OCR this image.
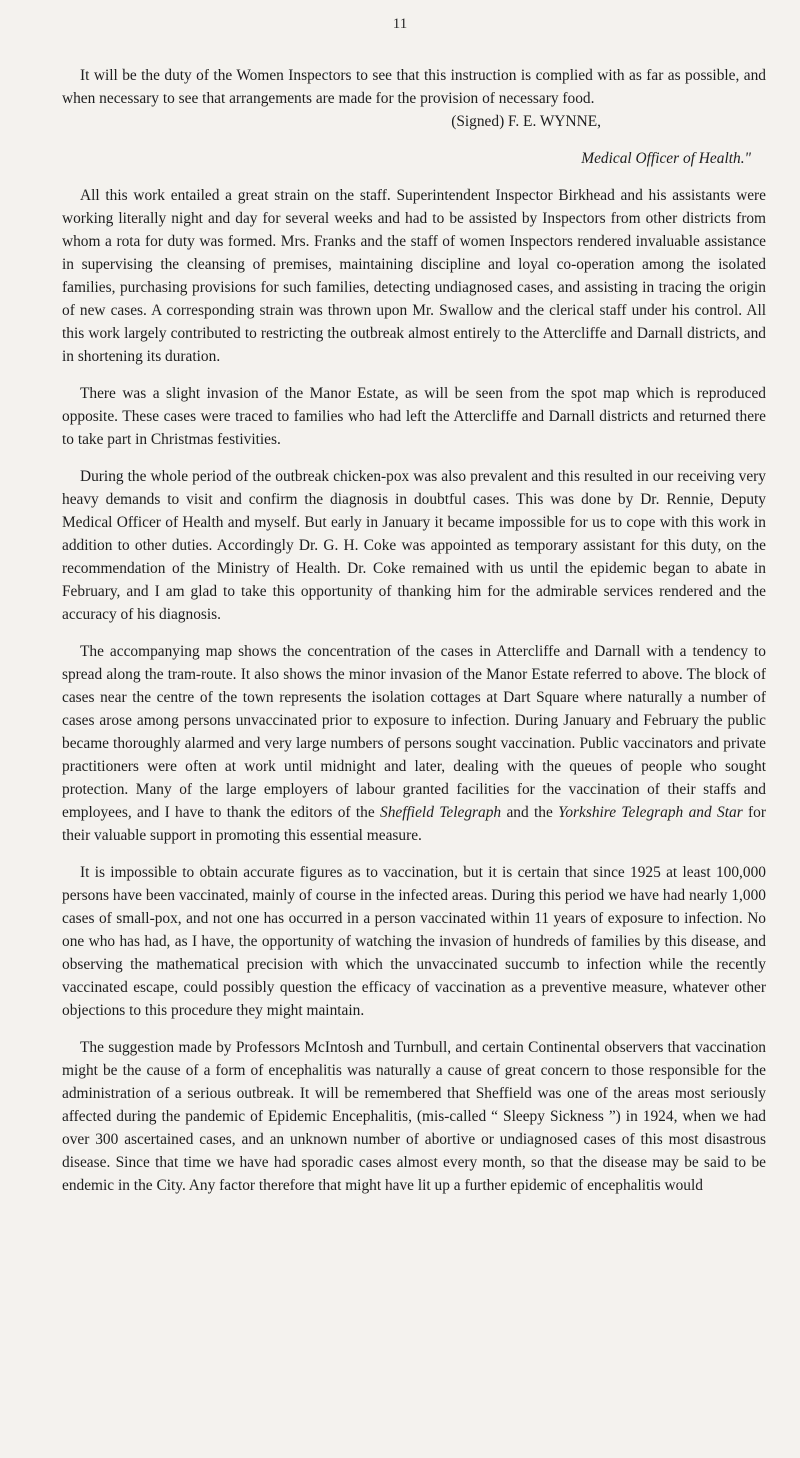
11

It will be the duty of the Women Inspectors to see that this instruction is complied with as far as possible, and when necessary to see that arrangements are made for the provision of necessary food.

(Signed) F. E. WYNNE,

Medical Officer of Health."

All this work entailed a great strain on the staff. Superintendent Inspector Birkhead and his assistants were working literally night and day for several weeks and had to be assisted by Inspectors from other districts from whom a rota for duty was formed. Mrs. Franks and the staff of women Inspectors rendered invaluable assistance in supervising the cleansing of premises, maintaining discipline and loyal co-operation among the isolated families, purchasing provisions for such families, detecting undiagnosed cases, and assisting in tracing the origin of new cases. A corresponding strain was thrown upon Mr. Swallow and the clerical staff under his control. All this work largely contributed to restricting the outbreak almost entirely to the Attercliffe and Darnall districts, and in shortening its duration.

There was a slight invasion of the Manor Estate, as will be seen from the spot map which is reproduced opposite. These cases were traced to families who had left the Attercliffe and Darnall districts and returned there to take part in Christmas festivities.

During the whole period of the outbreak chicken-pox was also prevalent and this resulted in our receiving very heavy demands to visit and confirm the diagnosis in doubtful cases. This was done by Dr. Rennie, Deputy Medical Officer of Health and myself. But early in January it became impossible for us to cope with this work in addition to other duties. Accordingly Dr. G. H. Coke was appointed as temporary assistant for this duty, on the recommendation of the Ministry of Health. Dr. Coke remained with us until the epidemic began to abate in February, and I am glad to take this opportunity of thanking him for the admirable services rendered and the accuracy of his diagnosis.

The accompanying map shows the concentration of the cases in Attercliffe and Darnall with a tendency to spread along the tram-route. It also shows the minor invasion of the Manor Estate referred to above. The block of cases near the centre of the town represents the isolation cottages at Dart Square where naturally a number of cases arose among persons unvaccinated prior to exposure to infection. During January and February the public became thoroughly alarmed and very large numbers of persons sought vaccination. Public vaccinators and private practitioners were often at work until midnight and later, dealing with the queues of people who sought protection. Many of the large employers of labour granted facilities for the vaccination of their staffs and employees, and I have to thank the editors of the Sheffield Telegraph and the Yorkshire Telegraph and Star for their valuable support in promoting this essential measure.

It is impossible to obtain accurate figures as to vaccination, but it is certain that since 1925 at least 100,000 persons have been vaccinated, mainly of course in the infected areas. During this period we have had nearly 1,000 cases of small-pox, and not one has occurred in a person vaccinated within 11 years of exposure to infection. No one who has had, as I have, the opportunity of watching the invasion of hundreds of families by this disease, and observing the mathematical precision with which the unvaccinated succumb to infection while the recently vaccinated escape, could possibly question the efficacy of vaccination as a preventive measure, whatever other objections to this procedure they might maintain.

The suggestion made by Professors McIntosh and Turnbull, and certain Continental observers that vaccination might be the cause of a form of encephalitis was naturally a cause of great concern to those responsible for the administration of a serious outbreak. It will be remembered that Sheffield was one of the areas most seriously affected during the pandemic of Epidemic Encephalitis, (mis-called “ Sleepy Sickness ”) in 1924, when we had over 300 ascertained cases, and an unknown number of abortive or undiagnosed cases of this most disastrous disease. Since that time we have had sporadic cases almost every month, so that the disease may be said to be endemic in the City. Any factor therefore that might have lit up a further epidemic of encephalitis would
